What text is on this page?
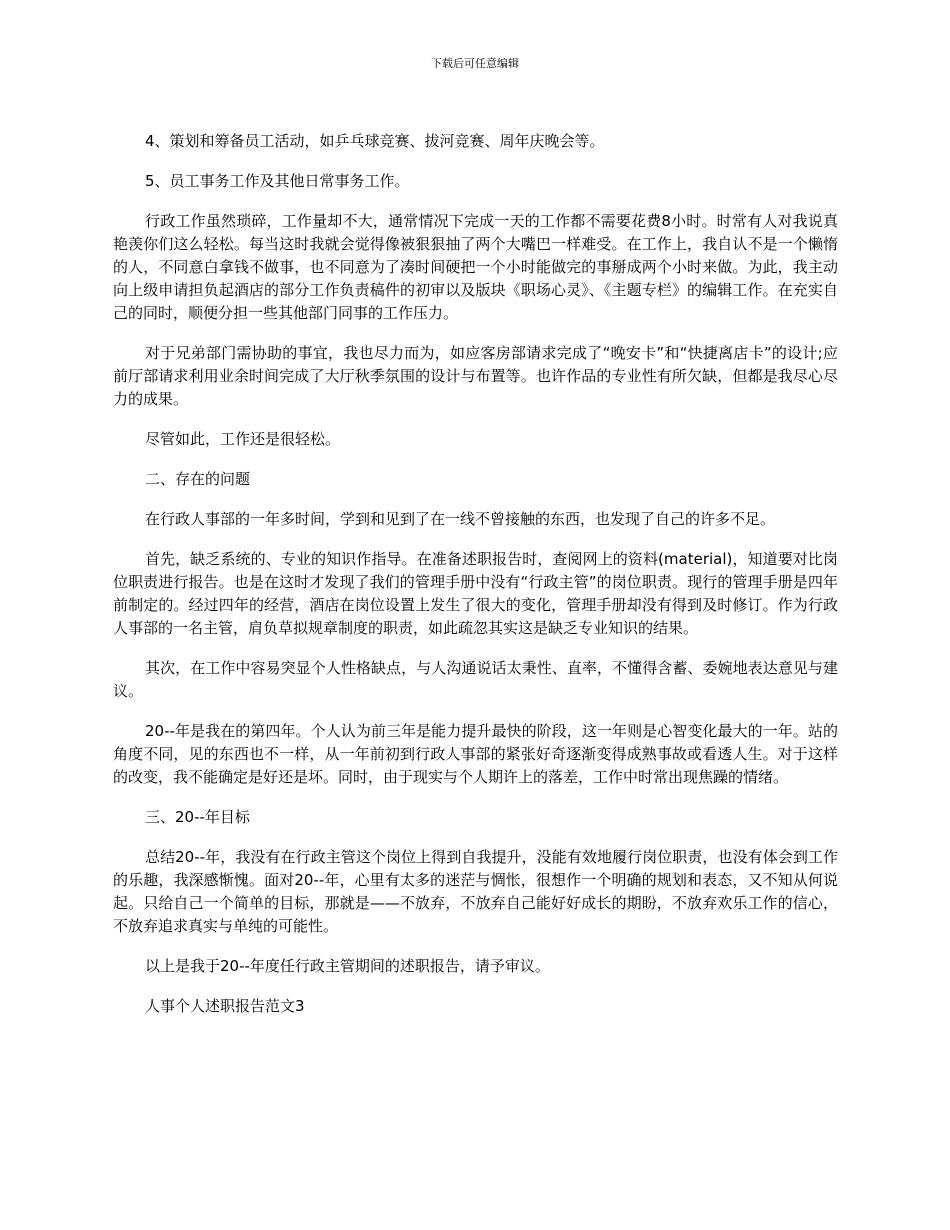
下载后可任意编辑

4、策划和筹备员工活动，如乒乓球竞赛、拔河竞赛、周年庆晚会等。

5、员工事务工作及其他日常事务工作。

行政工作虽然琐碎，工作量却不大，通常情况下完成一天的工作都不需要花费8小时。时常有人对我说真艳羡你们这么轻松。每当这时我就会觉得像被狠狠抽了两个大嘴巴一样难受。在工作上，我自认不是一个懒惰的人，不同意白拿钱不做事，也不同意为了凑时间硬把一个小时能做完的事掰成两个小时来做。为此，我主动向上级申请担负起酒店的部分工作负责稿件的初审以及版块《职场心灵》、《主题专栏》的编辑工作。在充实自己的同时，顺便分担一些其他部门同事的工作压力。

对于兄弟部门需协助的事宜，我也尽力而为，如应客房部请求完成了“晚安卡”和“快捷离店卡”的设计;应前厅部请求利用业余时间完成了大厅秋季氛围的设计与布置等。也许作品的专业性有所欠缺，但都是我尽心尽力的成果。

尽管如此，工作还是很轻松。

二、存在的问题

在行政人事部的一年多时间，学到和见到了在一线不曾接触的东西，也发现了自己的许多不足。

首先，缺乏系统的、专业的知识作指导。在准备述职报告时，查阅网上的资料(material)，知道要对比岗位职责进行报告。也是在这时才发现了我们的管理手册中没有“行政主管”的岗位职责。现行的管理手册是四年前制定的。经过四年的经营，酒店在岗位设置上发生了很大的变化，管理手册却没有得到及时修订。作为行政人事部的一名主管，肩负草拟规章制度的职责，如此疏忽其实这是缺乏专业知识的结果。

其次，在工作中容易突显个人性格缺点，与人沟通说话太秉性、直率，不懂得含蓄、委婉地表达意见与建议。

20--年是我在的第四年。个人认为前三年是能力提升最快的阶段，这一年则是心智变化最大的一年。站的角度不同，见的东西也不一样，从一年前初到行政人事部的紧张好奇逐渐变得成熟事故或看透人生。对于这样的改变，我不能确定是好还是坏。同时，由于现实与个人期许上的落差，工作中时常出现焦躁的情绪。

三、20--年目标

总结20--年，我没有在行政主管这个岗位上得到自我提升，没能有效地履行岗位职责，也没有体会到工作的乐趣，我深感惭愧。面对20--年，心里有太多的迷茫与惆怅，很想作一个明确的规划和表态，又不知从何说起。只给自己一个简单的目标，那就是——不放弃，不放弃自己能好好成长的期盼，不放弃欢乐工作的信心，不放弃追求真实与单纯的可能性。

以上是我于20--年度任行政主管期间的述职报告，请予审议。

人事个人述职报告范文3
